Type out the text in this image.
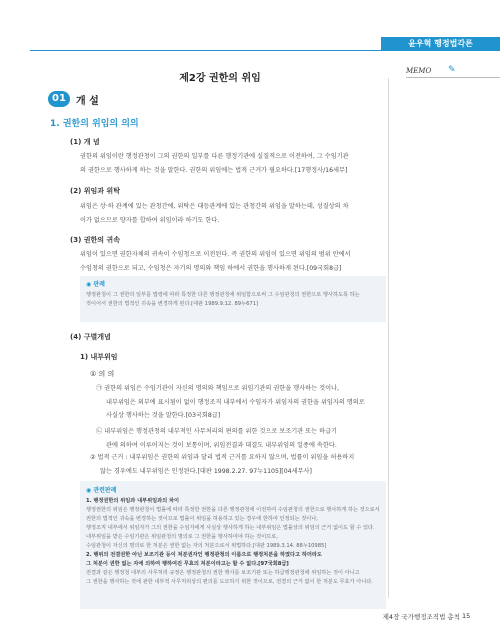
윤우혁 행정법각론
MEMO ✎
제2강 권한의 위임
01	개 설
1. 권한의 위임의 의의
(1) 개 념
권한의 위임이란 행정관청이 그의 권한의 일부를 다른 행정기관에 실질적으로 이전하여, 그 수임기관
의 권한으로 행사하게 하는 것을 말한다. 권한의 위임에는 법적 근거가 필요하다.[17행정사/16세무]
(2) 위임과 위탁
위임은 상·하 관계에 있는 관청간에, 위탁은 대등관계에 있는 관청간의 위임을 말하는데, 성질상의 차
이가 없으므로 양자를 합하여 위임이라 하기도 한다.
(3) 권한의 귀속
위임이 있으면 권한자체의 귀속이 수임청으로 이전된다. 즉 권한의 위임이 있으면 위임의 범위 안에서
수임청의 권한으로 되고, 수임청은 자기의 명의와 책임 하에서 권한을 행사하게 된다.[09국회8급]
◉ 판례
행정관청이 그 권한의 일부를 법령에 따라 특정한 다른 행정관청에 위임함으로써 그 수임관청의 권한으로 행사하도록 하는
것이어서 권한의 법적인 귀속을 변경하게 된다.[대판 1989.9.12. 89누671]
(4) 구별개념
1) 내부위임
① 의 의
㉠ 권한의 위임은 수임기관이 자신의 명의와 책임으로 위임기관의 권한을 행사하는 것이나,
내부위임은 외부에 표시됨이 없이 행정조직 내부에서 수임자가 위임자의 권한을 위임자의 명의로
사실상 행사하는 것을 말한다.[03국회8급]
㉡ 내부위임은 행정관청의 내부적인 사무처리의 편의를 위한 것으로 보조기관 또는 하급기
관에 의하여 이루어지는 것이 보통이며, 위임전결과 대결도 내부위임의 일종에 속한다.
② 법적 근거 : 내부위임은 권한의 위임과 달리 법적 근거를 요하지 않으며, 법률이 위임을 허용하지
않는 경우에도 내부위임은 인정된다.[대판 1998.2.27. 97누1105][04세무사]
◉ 관련판례
1. 행정권한의 위임과 내부위임과의 차이
행정권한의 위임은 행정관청이 법률에 따라 특정한 권한을 다른 행정관청에 이전하여 수임관청의 권한으로 행사하게 하는 것으로서
권한의 법적인 귀속을 변경하는 것이므로 법률이 위임을 허용하고 있는 경우에 한하여 인정되는 것이나,
행정조직 내부에서 위임자가 그의 권한을 수임자에게 사실상 행사하게 하는 내부위임은 법률상의 위임의 근거 없이도 할 수 있다.
내부위임을 받은 수임기관은 위임관청의 명의로 그 권한을 행사하여야 하는 것이므로,
수임관청이 자신의 명의로 한 처분은 권한 없는 자의 처분으로서 위법하다.[대판 1989.3.14. 88누10985]
2. 행위의 전결권한 아닌 보조기관 등이 처분권자인 행정관청의 이름으로 행정처분을 하였다고 하더라도
그 처분이 권한 없는 자에 의하여 행하여진 무효의 처분이라고는 할 수 없다.[97국회8급]
전결과 같은 행정청 내부의 사무처리 규정은 행정관청의 권한 행사를 보조기관 또는 하급행정관청에 위임하는 것이 아니고
그 권한을 행사하는 것에 관한 내부적 사무처리상의 편의를 도모하기 위한 것이므로, 전결의 근거 없이 한 처분도 무효가 아니다.
제4장 국가행정조직법 총칙 15
